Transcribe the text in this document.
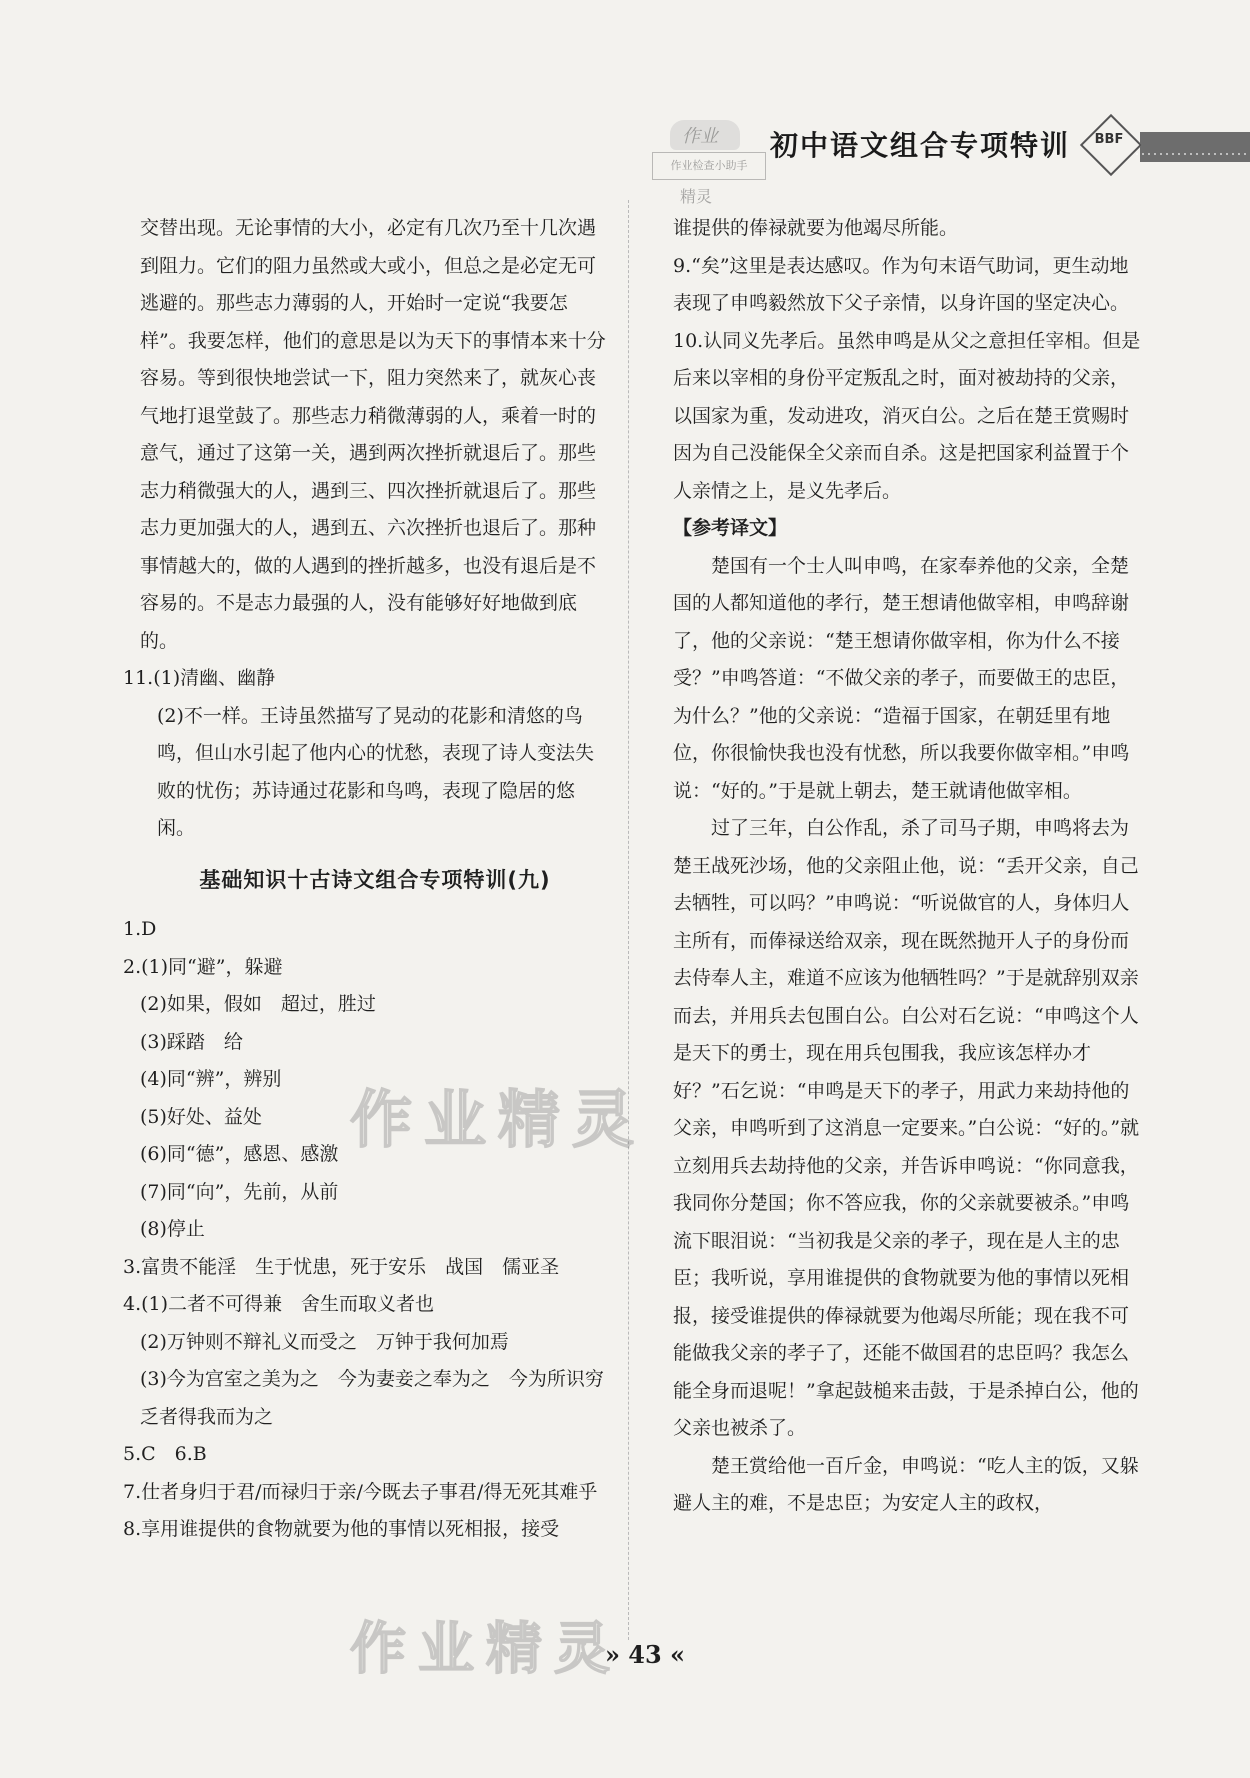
初中语文组合专项特训	BBF
作业
作业检查小助手
精灵

交替出现。无论事情的大小，必定有几次乃至十几次遇到阻力。它们的阻力虽然或大或小，但总之是必定无可逃避的。那些志力薄弱的人，开始时一定说“我要怎样”。我要怎样，他们的意思是以为天下的事情本来十分容易。等到很快地尝试一下，阻力突然来了，就灰心丧气地打退堂鼓了。那些志力稍微薄弱的人，乘着一时的意气，通过了这第一关，遇到两次挫折就退后了。那些志力稍微强大的人，遇到三、四次挫折就退后了。那些志力更加强大的人，遇到五、六次挫折也退后了。那种事情越大的，做的人遇到的挫折越多，也没有退后是不容易的。不是志力最强的人，没有能够好好地做到底的。

11.(1)清幽、幽静

(2)不一样。王诗虽然描写了晃动的花影和清悠的鸟鸣，但山水引起了他内心的忧愁，表现了诗人变法失败的忧伤；苏诗通过花影和鸟鸣，表现了隐居的悠闲。

基础知识十古诗文组合专项特训(九)

1.D

2.(1)同“避”，躲避

(2)如果，假如　超过，胜过

(3)踩踏　给

(4)同“辨”，辨别

(5)好处、益处

(6)同“德”，感恩、感激

(7)同“向”，先前，从前

(8)停止

3.富贵不能淫　生于忧患，死于安乐　战国　儒亚圣

4.(1)二者不可得兼　舍生而取义者也

(2)万钟则不辩礼义而受之　万钟于我何加焉

(3)今为宫室之美为之　今为妻妾之奉为之　今为所识穷乏者得我而为之

5.C　6.B

7.仕者身归于君/而禄归于亲/今既去子事君/得无死其难乎

8.享用谁提供的食物就要为他的事情以死相报，接受

谁提供的俸禄就要为他竭尽所能。

9.“矣”这里是表达感叹。作为句末语气助词，更生动地表现了申鸣毅然放下父子亲情，以身许国的坚定决心。

10.认同义先孝后。虽然申鸣是从父之意担任宰相。但是后来以宰相的身份平定叛乱之时，面对被劫持的父亲，以国家为重，发动进攻，消灭白公。之后在楚王赏赐时因为自己没能保全父亲而自杀。这是把国家利益置于个人亲情之上，是义先孝后。

【参考译文】

楚国有一个士人叫申鸣，在家奉养他的父亲，全楚国的人都知道他的孝行，楚王想请他做宰相，申鸣辞谢了，他的父亲说：“楚王想请你做宰相，你为什么不接受？”申鸣答道：“不做父亲的孝子，而要做王的忠臣，为什么？”他的父亲说：“造福于国家，在朝廷里有地位，你很愉快我也没有忧愁，所以我要你做宰相。”申鸣说：“好的。”于是就上朝去，楚王就请他做宰相。

过了三年，白公作乱，杀了司马子期，申鸣将去为楚王战死沙场，他的父亲阻止他，说：“丢开父亲，自己去牺牲，可以吗？”申鸣说：“听说做官的人，身体归人主所有，而俸禄送给双亲，现在既然抛开人子的身份而去侍奉人主，难道不应该为他牺牲吗？”于是就辞别双亲而去，并用兵去包围白公。白公对石乞说：“申鸣这个人是天下的勇士，现在用兵包围我，我应该怎样办才好？”石乞说：“申鸣是天下的孝子，用武力来劫持他的父亲，申鸣听到了这消息一定要来。”白公说：“好的。”就立刻用兵去劫持他的父亲，并告诉申鸣说：“你同意我，我同你分楚国；你不答应我，你的父亲就要被杀。”申鸣流下眼泪说：“当初我是父亲的孝子，现在是人主的忠臣；我听说，享用谁提供的食物就要为他的事情以死相报，接受谁提供的俸禄就要为他竭尽所能；现在我不可能做我父亲的孝子了，还能不做国君的忠臣吗？我怎么能全身而退呢！”拿起鼓槌来击鼓，于是杀掉白公，他的父亲也被杀了。

楚王赏给他一百斤金，申鸣说：“吃人主的饭，又躲避人主的难，不是忠臣；为安定人主的政权，

作业精灵
作业精灵
» 43 «
